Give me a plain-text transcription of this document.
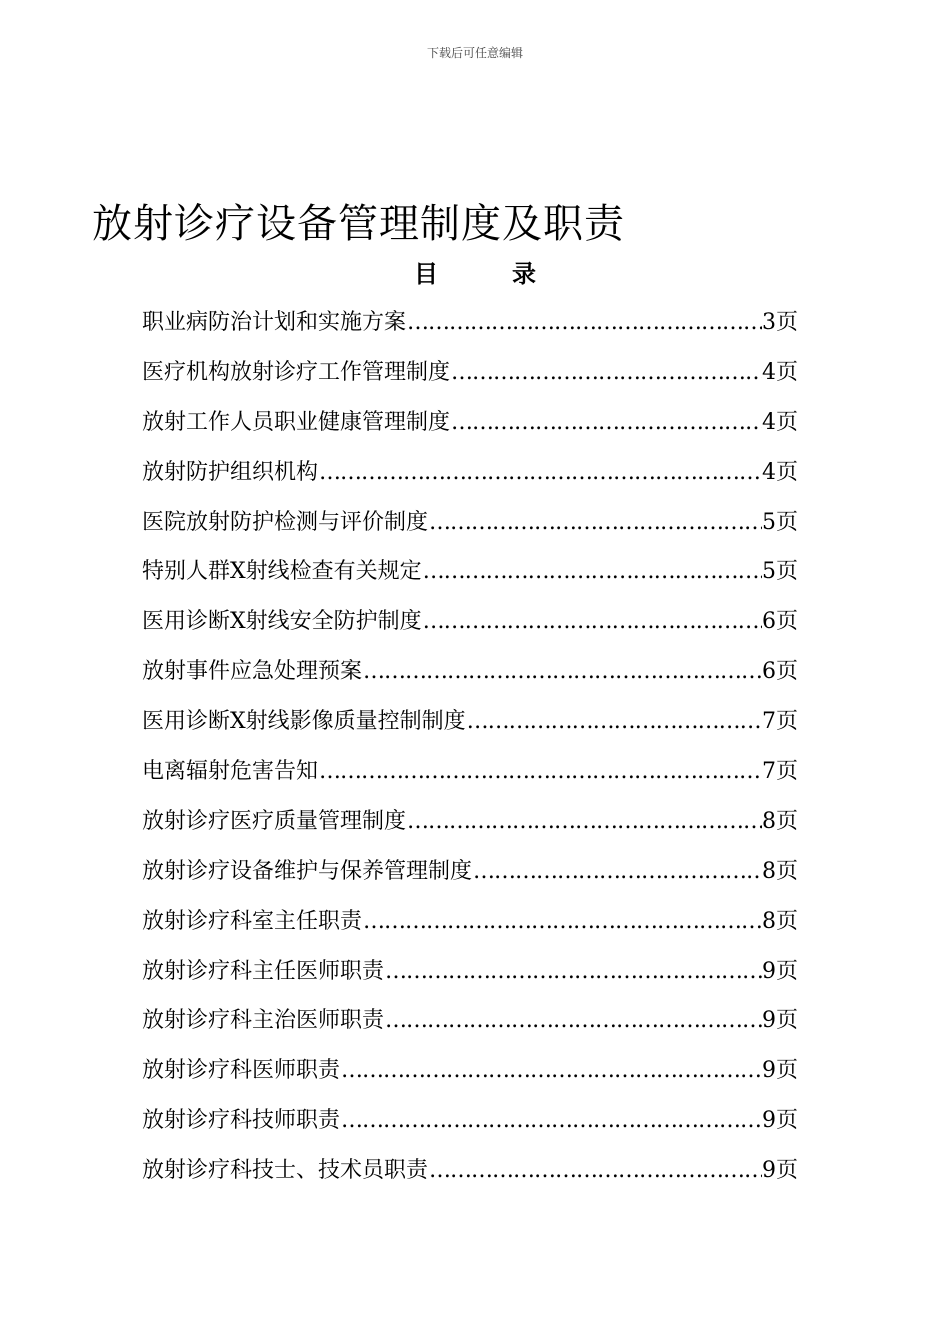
下载后可任意编辑
放射诊疗设备管理制度及职责
目	录
职业病防治计划和实施方案 …………………………………………………………………………………………………………	3页
医疗机构放射诊疗工作管理制度 …………………………………………………………………………………………………………	4页
放射工作人员职业健康管理制度 …………………………………………………………………………………………………………	4页
放射防护组织机构 …………………………………………………………………………………………………………	4页
医院放射防护检测与评价制度 …………………………………………………………………………………………………………	5页
特别人群X射线检查有关规定 …………………………………………………………………………………………………………	5页
医用诊断X射线安全防护制度 …………………………………………………………………………………………………………	6页
放射事件应急处理预案 …………………………………………………………………………………………………………	6页
医用诊断X射线影像质量控制制度 …………………………………………………………………………………………………………	7页
电离辐射危害告知 …………………………………………………………………………………………………………	7页
放射诊疗医疗质量管理制度 …………………………………………………………………………………………………………	8页
放射诊疗设备维护与保养管理制度 …………………………………………………………………………………………………………	8页
放射诊疗科室主任职责 …………………………………………………………………………………………………………	8页
放射诊疗科主任医师职责 …………………………………………………………………………………………………………	9页
放射诊疗科主治医师职责 …………………………………………………………………………………………………………	9页
放射诊疗科医师职责 …………………………………………………………………………………………………………	9页
放射诊疗科技师职责 …………………………………………………………………………………………………………	9页
放射诊疗科技士、技术员职责 …………………………………………………………………………………………………………	9页
